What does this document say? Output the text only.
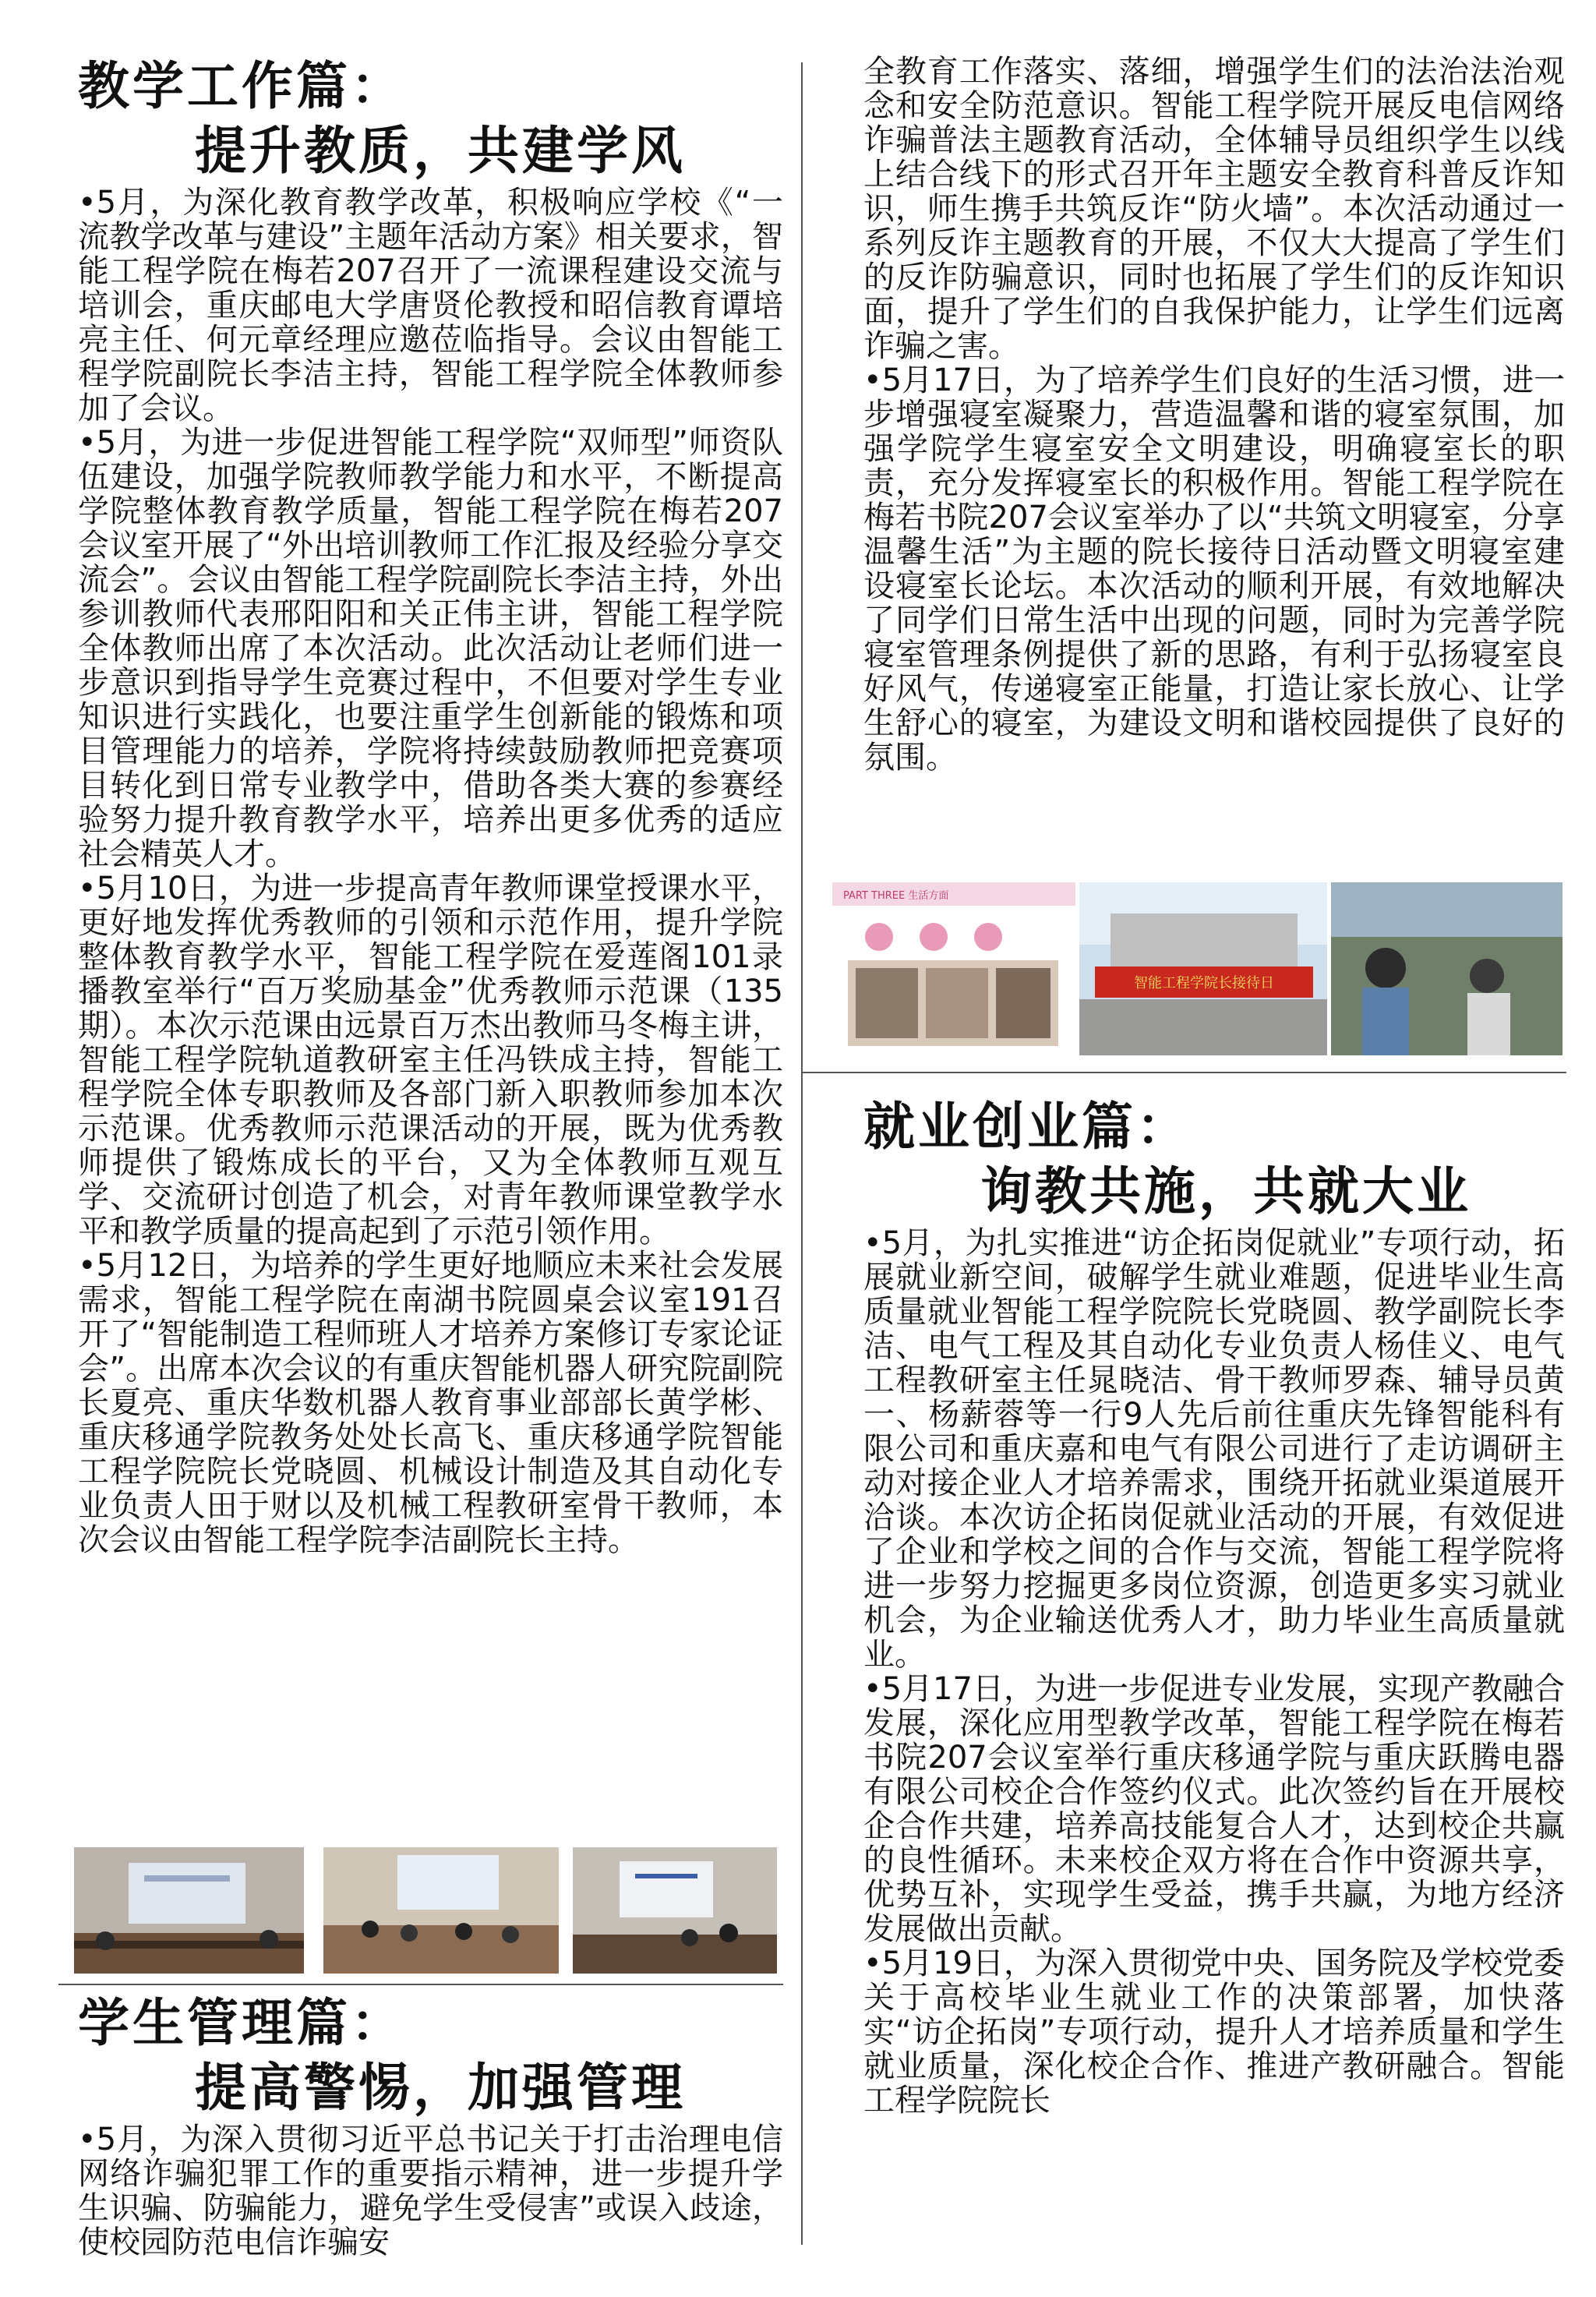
教学工作篇：
提升教质，共建学风

•5月，为深化教育教学改革，积极响应学校《“一流教学改革与建设”主题年活动方案》相关要求，智能工程学院在梅若207召开了一流课程建设交流与培训会，重庆邮电大学唐贤伦教授和昭信教育谭培亮主任、何元章经理应邀莅临指导。会议由智能工程学院副院长李洁主持，智能工程学院全体教师参加了会议。

•5月，为进一步促进智能工程学院“双师型”师资队伍建设，加强学院教师教学能力和水平，不断提高学院整体教育教学质量，智能工程学院在梅若207会议室开展了“外出培训教师工作汇报及经验分享交流会”。会议由智能工程学院副院长李洁主持，外出参训教师代表邢阳阳和关正伟主讲，智能工程学院全体教师出席了本次活动。此次活动让老师们进一步意识到指导学生竞赛过程中，不但要对学生专业知识进行实践化，也要注重学生创新能的锻炼和项目管理能力的培养，学院将持续鼓励教师把竞赛项目转化到日常专业教学中，借助各类大赛的参赛经验努力提升教育教学水平，培养出更多优秀的适应社会精英人才。

•5月10日，为进一步提高青年教师课堂授课水平，更好地发挥优秀教师的引领和示范作用，提升学院整体教育教学水平，智能工程学院在爱莲阁101录播教室举行“百万奖励基金”优秀教师示范课（135期）。本次示范课由远景百万杰出教师马冬梅主讲，智能工程学院轨道教研室主任冯铁成主持，智能工程学院全体专职教师及各部门新入职教师参加本次示范课。优秀教师示范课活动的开展，既为优秀教师提供了锻炼成长的平台，又为全体教师互观互学、交流研讨创造了机会，对青年教师课堂教学水平和教学质量的提高起到了示范引领作用。

•5月12日，为培养的学生更好地顺应未来社会发展需求，智能工程学院在南湖书院圆桌会议室191召开了“智能制造工程师班人才培养方案修订专家论证会”。出席本次会议的有重庆智能机器人研究院副院长夏亮、重庆华数机器人教育事业部部长黄学彬、重庆移通学院教务处处长高飞、重庆移通学院智能工程学院院长党晓圆、机械设计制造及其自动化专业负责人田于财以及机械工程教研室骨干教师，本次会议由智能工程学院李洁副院长主持。

学生管理篇：
提高警惕，加强管理

•5月，为深入贯彻习近平总书记关于打击治理电信网络诈骗犯罪工作的重要指示精神，进一步提升学生识骗、防骗能力，避免学生受侵害”或误入歧途，使校园防范电信诈骗安

全教育工作落实、落细，增强学生们的法治法治观念和安全防范意识。智能工程学院开展反电信网络诈骗普法主题教育活动，全体辅导员组织学生以线上结合线下的形式召开年主题安全教育科普反诈知识，师生携手共筑反诈“防火墙”。本次活动通过一系列反诈主题教育的开展，不仅大大提高了学生们的反诈防骗意识，同时也拓展了学生们的反诈知识面，提升了学生们的自我保护能力，让学生们远离诈骗之害。

•5月17日，为了培养学生们良好的生活习惯，进一步增强寝室凝聚力，营造温馨和谐的寝室氛围，加强学院学生寝室安全文明建设，明确寝室长的职责，充分发挥寝室长的积极作用。智能工程学院在梅若书院207会议室举办了以“共筑文明寝室，分享温馨生活”为主题的院长接待日活动暨文明寝室建设寝室长论坛。本次活动的顺利开展，有效地解决了同学们日常生活中出现的问题，同时为完善学院寝室管理条例提供了新的思路，有利于弘扬寝室良好风气，传递寝室正能量，打造让家长放心、让学生舒心的寝室，为建设文明和谐校园提供了良好的氛围。

PART THREE 生活方面
智能工程学院长接待日
就业创业篇：
询教共施，共就大业

•5月，为扎实推进“访企拓岗促就业”专项行动，拓展就业新空间，破解学生就业难题，促进毕业生高质量就业智能工程学院院长党晓圆、教学副院长李洁、电气工程及其自动化专业负责人杨佳义、电气工程教研室主任晁晓洁、骨干教师罗森、辅导员黄一、杨薪蓉等一行9人先后前往重庆先锋智能科有限公司和重庆嘉和电气有限公司进行了走访调研主动对接企业人才培养需求，围绕开拓就业渠道展开洽谈。本次访企拓岗促就业活动的开展，有效促进了企业和学校之间的合作与交流，智能工程学院将进一步努力挖掘更多岗位资源，创造更多实习就业机会，为企业输送优秀人才，助力毕业生高质量就业。

•5月17日，为进一步促进专业发展，实现产教融合发展，深化应用型教学改革，智能工程学院在梅若书院207会议室举行重庆移通学院与重庆跃腾电器有限公司校企合作签约仪式。此次签约旨在开展校企合作共建，培养高技能复合人才，达到校企共赢的良性循环。未来校企双方将在合作中资源共享，优势互补，实现学生受益，携手共赢，为地方经济发展做出贡献。

•5月19日，为深入贯彻党中央、国务院及学校党委关于高校毕业生就业工作的决策部署，加快落实“访企拓岗”专项行动，提升人才培养质量和学生就业质量，深化校企合作、推进产教研融合。智能工程学院院长
